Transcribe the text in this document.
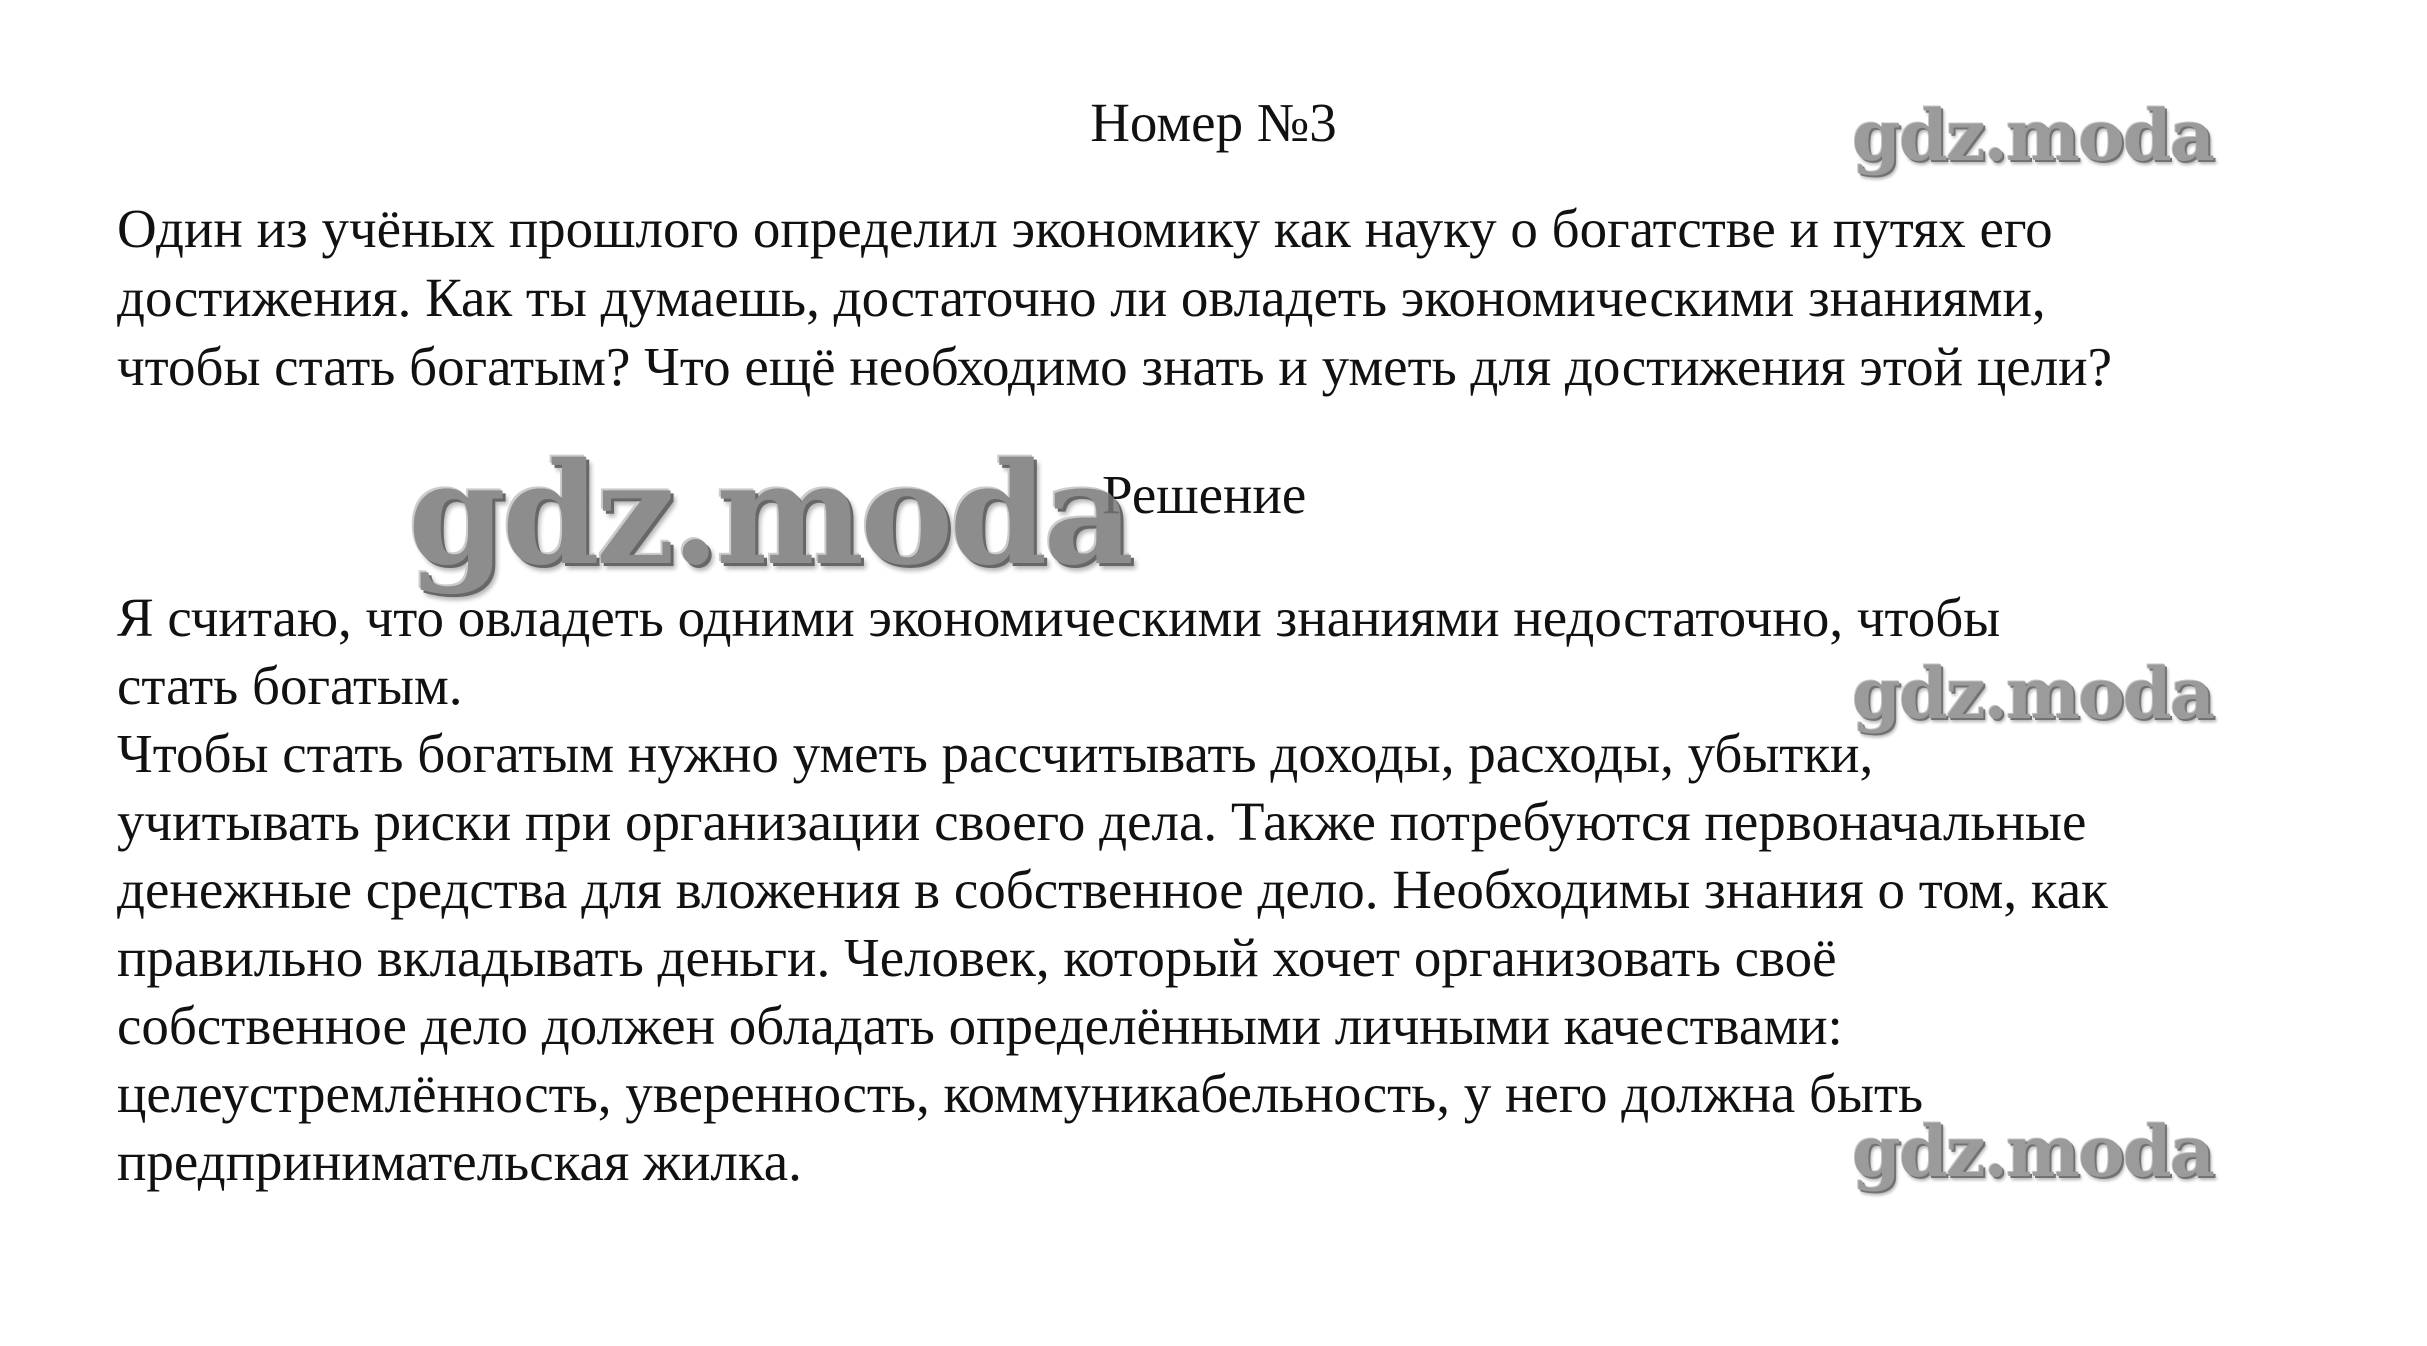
Номер №3
Один из учёных прошлого определил экономику как науку о богатстве и путях его
достижения. Как ты думаешь, достаточно ли овладеть экономическими знаниями,
чтобы стать богатым? Что ещё необходимо знать и уметь для достижения этой цели?
Решение
Я считаю, что овладеть одними экономическими знаниями недостаточно, чтобы
стать богатым.
Чтобы стать богатым нужно уметь рассчитывать доходы, расходы, убытки,
учитывать риски при организации своего дела. Также потребуются первоначальные
денежные средства для вложения в собственное дело. Необходимы знания о том, как
правильно вкладывать деньги. Человек, который хочет организовать своё
собственное дело должен обладать определёнными личными качествами:
целеустремлённость, уверенность, коммуникабельность, у него должна быть
предпринимательская жилка.
gdz.moda
gdz.moda
gdz.moda
gdz.moda
